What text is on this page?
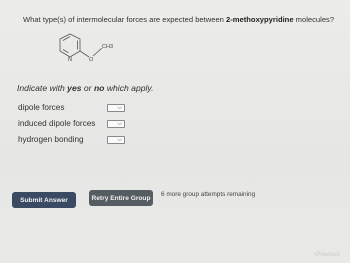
What type(s) of intermolecular forces are expected between 2-methoxypyridine molecules?
N	O
CH3
Indicate with yes or no which apply.
dipole forces	⌵
induced dipole forces	⌵
hydrogen bonding	⌵
Submit Answer	Retry Entire Group	6 more group attempts remaining
‹Previous
